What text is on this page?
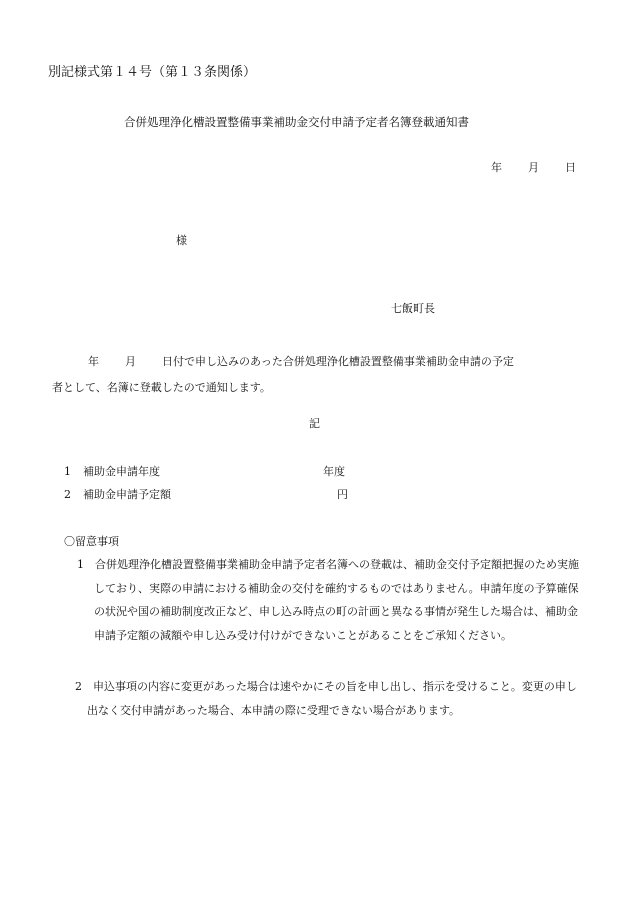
別記様式第１４号（第１３条関係）
合併処理浄化槽設置整備事業補助金交付申請予定者名簿登載通知書
年 月 日
様
七飯町長

年 月 日付で申し込みのあった合併処理浄化槽設置整備事業補助金申請の予定

者として、名簿に登載したので通知します。

記
1 補助金申請年度	年度
2 補助金申請予定額	円
〇留意事項
1　 合併処理浄化槽設置整備事業補助金申請予定者名簿への登載は、補助金交付予定額把握のため実施しており、実際の申請における補助金の交付を確約するものではありません。申請年度の予算確保の状況や国の補助制度改正など、申し込み時点の町の計画と異なる事情が発生した場合は、補助金申請予定額の減額や申し込み受け付けができないことがあることをご承知ください。
2　 申込事項の内容に変更があった場合は速やかにその旨を申し出し、指示を受けること。変更の申し出なく交付申請があった場合、本申請の際に受理できない場合があります。
